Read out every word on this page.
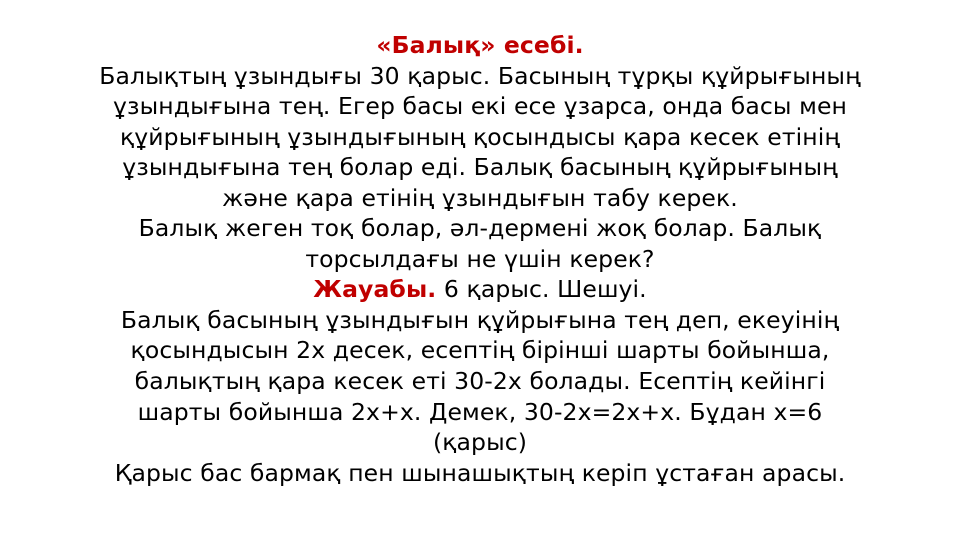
«Балық» есебі.
Балықтың ұзындығы 30 қарыс. Басының тұрқы құйрығының
ұзындығына тең. Егер басы екі есе ұзарса, онда басы мен
құйрығының ұзындығының қосындысы қара кесек етінің
ұзындығына тең болар еді. Балық басының құйрығының
және қара етінің ұзындығын табу керек.
Балық жеген тоқ болар, әл-дермені жоқ болар. Балық
торсылдағы не үшін керек?
Жауабы. 6 қарыс. Шешуі.
Балық басының ұзындығын құйрығына тең деп, екеуінің
қосындысын 2x десек, есептің бірінші шарты бойынша,
балықтың қара кесек еті 30-2x болады. Есептің кейінгі
шарты бойынша 2x+x. Демек, 30-2x=2x+x. Бұдан x=6
(қарыс)
Қарыс бас бармақ пен шынашықтың керіп ұстаған арасы.
